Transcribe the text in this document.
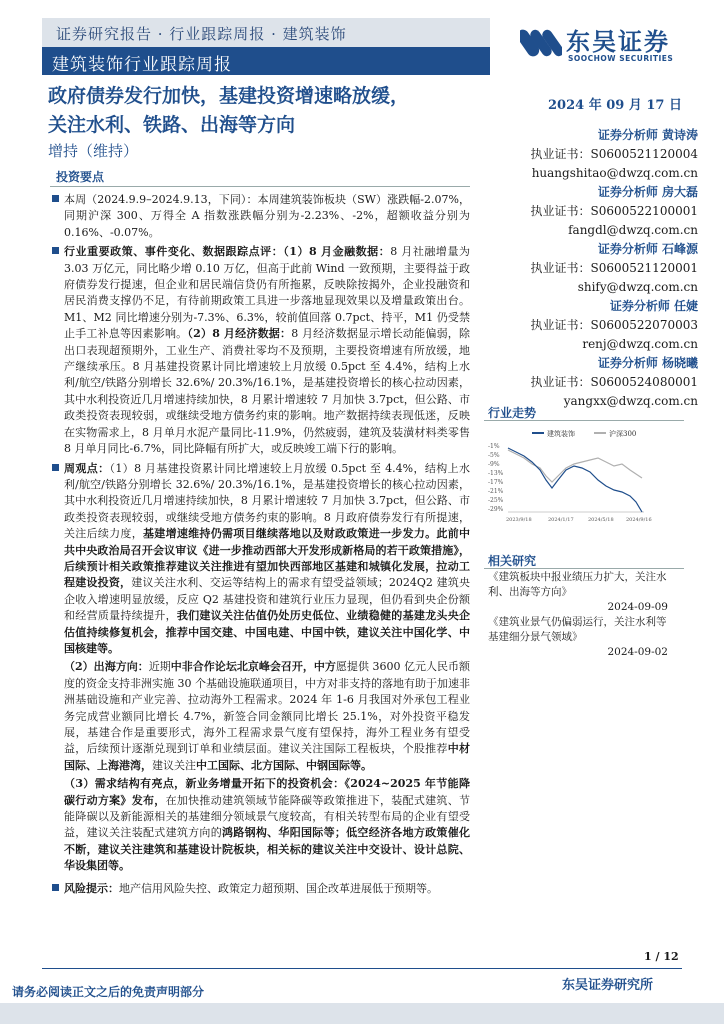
证券研究报告 · 行业跟踪周报 · 建筑装饰
建筑装饰行业跟踪周报
东吴证券
SOOCHOW SECURITIES
政府债券发行加快，基建投资增速略放缓，
关注水利、铁路、出海等方向
增持（维持）
2024 年 09 月 17 日
证券分析师 黄诗涛
执业证书：S0600521120004
huangshitao@dwzq.com.cn
证券分析师 房大磊
执业证书：S0600522100001
fangdl@dwzq.com.cn
证券分析师 石峰源
执业证书：S0600521120001
shify@dwzq.com.cn
证券分析师 任婕
执业证书：S0600522070003
renj@dwzq.com.cn
证券分析师 杨晓曦
执业证书：S0600524080001
yangxx@dwzq.com.cn
投资要点

本周（2024.9.9–2024.9.13，下同）：本周建筑装饰板块（SW）涨跌幅-2.07%，同期沪深 300、万得全 A 指数涨跌幅分别为-2.23%、-2%，超额收益分别为 0.16%、-0.07%。

行业重要政策、事件变化、数据跟踪点评：（1）8 月金融数据：8 月社融增量为 3.03 万亿元，同比略少增 0.10 万亿，但高于此前 Wind 一致预期，主要得益于政府债券发行提速，但企业和居民端信贷仍有所拖累，反映除按揭外，企业投融资和居民消费支撑仍不足，有待前期政策工具进一步落地显现效果以及增量政策出台。M1、M2 同比增速分别为-7.3%、6.3%，较前值回落 0.7pct、持平，M1 仍受禁止手工补息等因素影响。（2）8 月经济数据：8 月经济数据显示增长动能偏弱，除出口表现超预期外，工业生产、消费社零均不及预期，主要投资增速有所放缓，地产继续承压。8 月基建投资累计同比增速较上月放缓 0.5pct 至 4.4%，结构上水利/航空/铁路分别增长 32.6%/ 20.3%/16.1%，是基建投资增长的核心拉动因素，其中水利投资近几月增速持续加快，8 月累计增速较 7 月加快 3.7pct，但公路、市政类投资表现较弱，或继续受地方债务约束的影响。地产数据持续表现低迷，反映在实物需求上，8 月单月水泥产量同比-11.9%，仍然疲弱，建筑及装潢材料类零售 8 月单月同比-6.7%，同比降幅有所扩大，或反映竣工端下行的影响。

周观点：（1）8 月基建投资累计同比增速较上月放缓 0.5pct 至 4.4%，结构上水利/航空/铁路分别增长 32.6%/ 20.3%/16.1%，是基建投资增长的核心拉动因素，其中水利投资近几月增速持续加快，8 月累计增速较 7 月加快 3.7pct，但公路、市政类投资表现较弱，或继续受地方债务约束的影响。8 月政府债券发行有所提速，关注后续力度，基建增速维持仍需项目继续落地以及财政政策进一步发力。此前中共中央政治局召开会议审议《进一步推动西部大开发形成新格局的若干政策措施》，后续预计相关政策推荐建议关注推进有望加快西部地区基建和城镇化发展，拉动工程建设投资，建议关注水利、交运等结构上的需求有望受益领域；2024Q2 建筑央企收入增速明显放缓，反应 Q2 基建投资和建筑行业压力显现，但仍看到央企份额和经营质量持续提升，我们建议关注估值仍处历史低位、业绩稳健的基建龙头央企估值持续修复机会，推荐中国交建、中国电建、中国中铁，建议关注中国化学、中国核建等。

（2）出海方向：近期中非合作论坛北京峰会召开，中方愿提供 3600 亿元人民币额度的资金支持非洲实施 30 个基础设施联通项目，中方对非支持的落地有助于加速非洲基础设施和产业完善、拉动海外工程需求。2024 年 1-6 月我国对外承包工程业务完成营业额同比增长 4.7%，新签合同金额同比增长 25.1%，对外投资平稳发展，基建合作是重要形式，海外工程需求景气度有望保持，海外工程业务有望受益，后续预计逐渐兑现到订单和业绩层面。建议关注国际工程板块，个股推荐中材国际、上海港湾，建议关注中工国际、北方国际、中钢国际等。

（3）需求结构有亮点，新业务增量开拓下的投资机会：《2024~2025 年节能降碳行动方案》发布，在加快推动建筑领域节能降碳等政策推进下，装配式建筑、节能降碳以及新能源相关的基建细分领域景气度较高，有相关转型布局的企业有望受益，建议关注装配式建筑方向的鸿路钢构、华阳国际等；低空经济各地方政策催化不断，建议关注建筑和基建设计院板块，相关标的建议关注中交设计、设计总院、华设集团等。

风险提示：地产信用风险失控、政策定力超预期、国企改革进展低于预期等。

行业走势
建筑装饰	沪深300
-1%
-5%
-9%
-13%
-17%
-21%
-25%
-29%
2023/9/18	2024/1/17	2024/5/18 2024/9/16
相关研究
《建筑板块中报业绩压力扩大，关注水利、出海等方向》
2024-09-09
《建筑业景气仍偏弱运行，关注水利等基建细分景气领域》
2024-09-02
1 / 12
东吴证券研究所
请务必阅读正文之后的免责声明部分
